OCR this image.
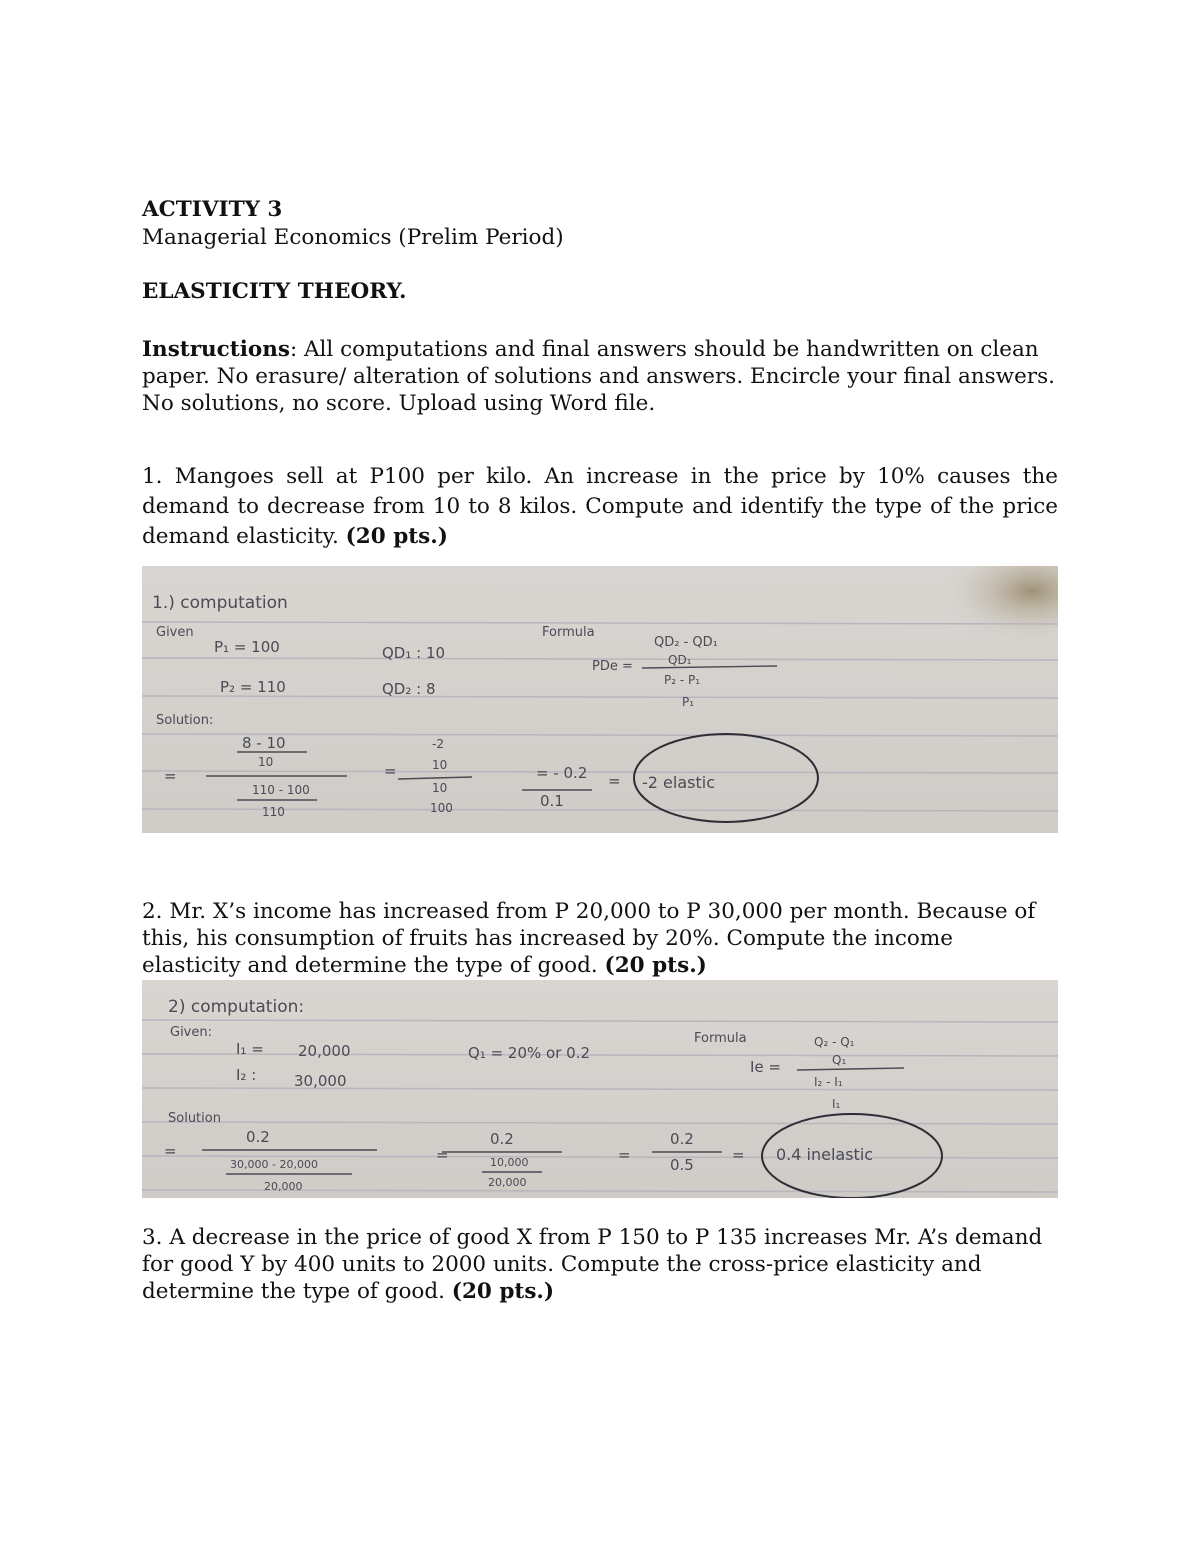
ACTIVITY 3

Managerial Economics (Prelim Period)

ELASTICITY THEORY.

Instructions: All computations and final answers should be handwritten on clean paper. No erasure/ alteration of solutions and answers. Encircle your final answers. No solutions, no score. Upload using Word file.

1. Mangoes sell at P100 per kilo. An increase in the price by 10% causes the demand to decrease from 10 to 8 kilos. Compute and identify the type of the price demand elasticity. (20 pts.)

1.) computation
Given
P₁ = 100
P₂ = 110
QD₁ : 10
QD₂ : 8
Formula
PDe =
QD₂ - QD₁
QD₁
P₂ - P₁
P₁
Solution:
=
8 - 10
10
110 - 100
110
=
-2
10
10
100
= - 0.2
0.1
= -2 elastic

2. Mr. X’s income has increased from P 20,000 to P 30,000 per month. Because of this, his consumption of fruits has increased by 20%. Compute the income elasticity and determine the type of good. (20 pts.)

2) computation:
Given:
I₁ = 20,000
I₂ :	30,000
Q₁ = 20% or 0.2
Formula
Ie =
Q₂ - Q₁
Q₁
I₂ - I₁
I₁
Solution
=
0.2
30,000 - 20,000
20,000
=
0.2
10,000
20,000
=
0.2
0.5
= 0.4 inelastic

3. A decrease in the price of good X from P 150 to P 135 increases Mr. A’s demand for good Y by 400 units to 2000 units. Compute the cross-price elasticity and determine the type of good. (20 pts.)
